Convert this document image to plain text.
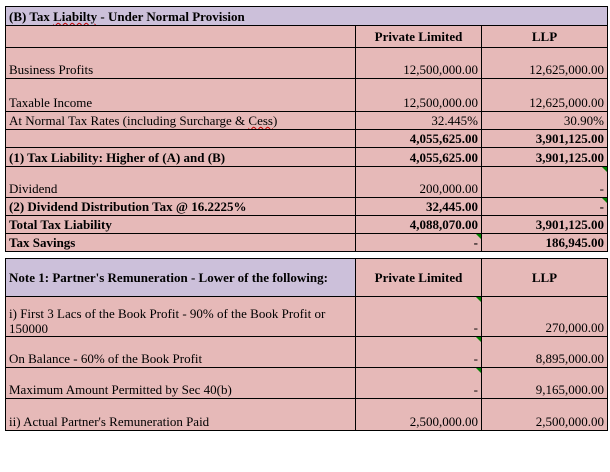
(B) Tax Liabilty - Under Normal Provision		
	Private Limited	LLP
Business Profits	12,500,000.00	12,625,000.00
Taxable Income	12,500,000.00	12,625,000.00
At Normal Tax Rates (including Surcharge & Cess)	32.445%	30.90%
	4,055,625.00	3,901,125.00
(1) Tax Liability: Higher of (A) and (B)	4,055,625.00	3,901,125.00
Dividend	200,000.00	-
(2) Dividend Distribution Tax @ 16.2225%	32,445.00	-
Total Tax Liability	4,088,070.00	3,901,125.00
Tax Savings	-	186,945.00
Note 1: Partner's Remuneration - Lower of the following:	Private Limited	LLP
i) First 3 Lacs of the Book Profit - 90% of the Book Profit or 150000	-	270,000.00
On Balance - 60% of the Book Profit	-	8,895,000.00
Maximum Amount Permitted by Sec 40(b)	-	9,165,000.00
ii) Actual Partner's Remuneration Paid	2,500,000.00	2,500,000.00
